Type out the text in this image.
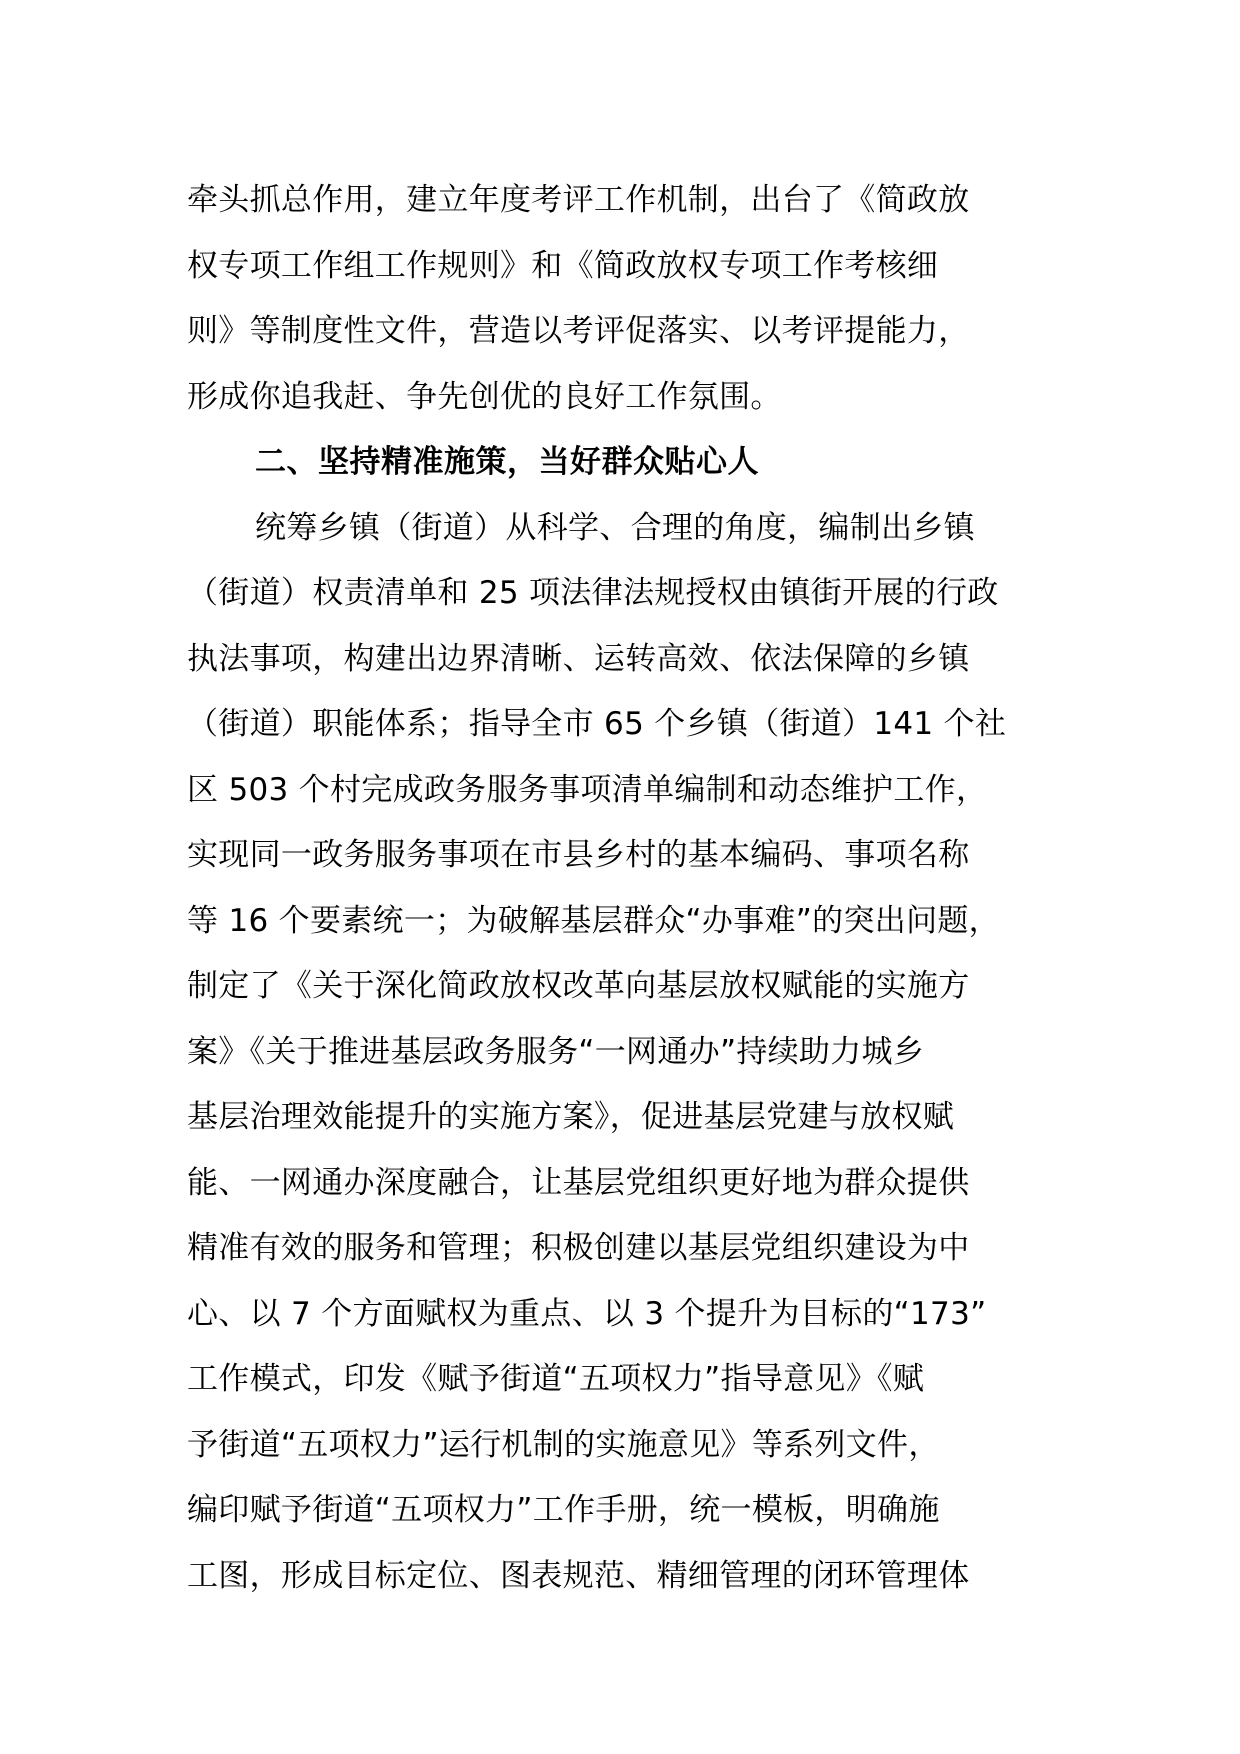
牵头抓总作用，建立年度考评工作机制，出台了《简政放
权专项工作组工作规则》和《简政放权专项工作考核细
则》等制度性文件，营造以考评促落实、以考评提能力，
形成你追我赶、争先创优的良好工作氛围。
二、坚持精准施策，当好群众贴心人
统筹乡镇（街道）从科学、合理的角度，编制出乡镇
（街道）权责清单和 25 项法律法规授权由镇街开展的行政
执法事项，构建出边界清晰、运转高效、依法保障的乡镇
（街道）职能体系；指导全市 65 个乡镇（街道）141 个社
区 503 个村完成政务服务事项清单编制和动态维护工作，
实现同一政务服务事项在市县乡村的基本编码、事项名称
等 16 个要素统一；为破解基层群众“办事难”的突出问题，
制定了《关于深化简政放权改革向基层放权赋能的实施方
案》《关于推进基层政务服务“一网通办”持续助力城乡
基层治理效能提升的实施方案》，促进基层党建与放权赋
能、一网通办深度融合，让基层党组织更好地为群众提供
精准有效的服务和管理；积极创建以基层党组织建设为中
心、以 7 个方面赋权为重点、以 3 个提升为目标的“173”
工作模式，印发《赋予街道“五项权力”指导意见》《赋
予街道“五项权力”运行机制的实施意见》等系列文件，
编印赋予街道“五项权力”工作手册，统一模板，明确施
工图，形成目标定位、图表规范、精细管理的闭环管理体
